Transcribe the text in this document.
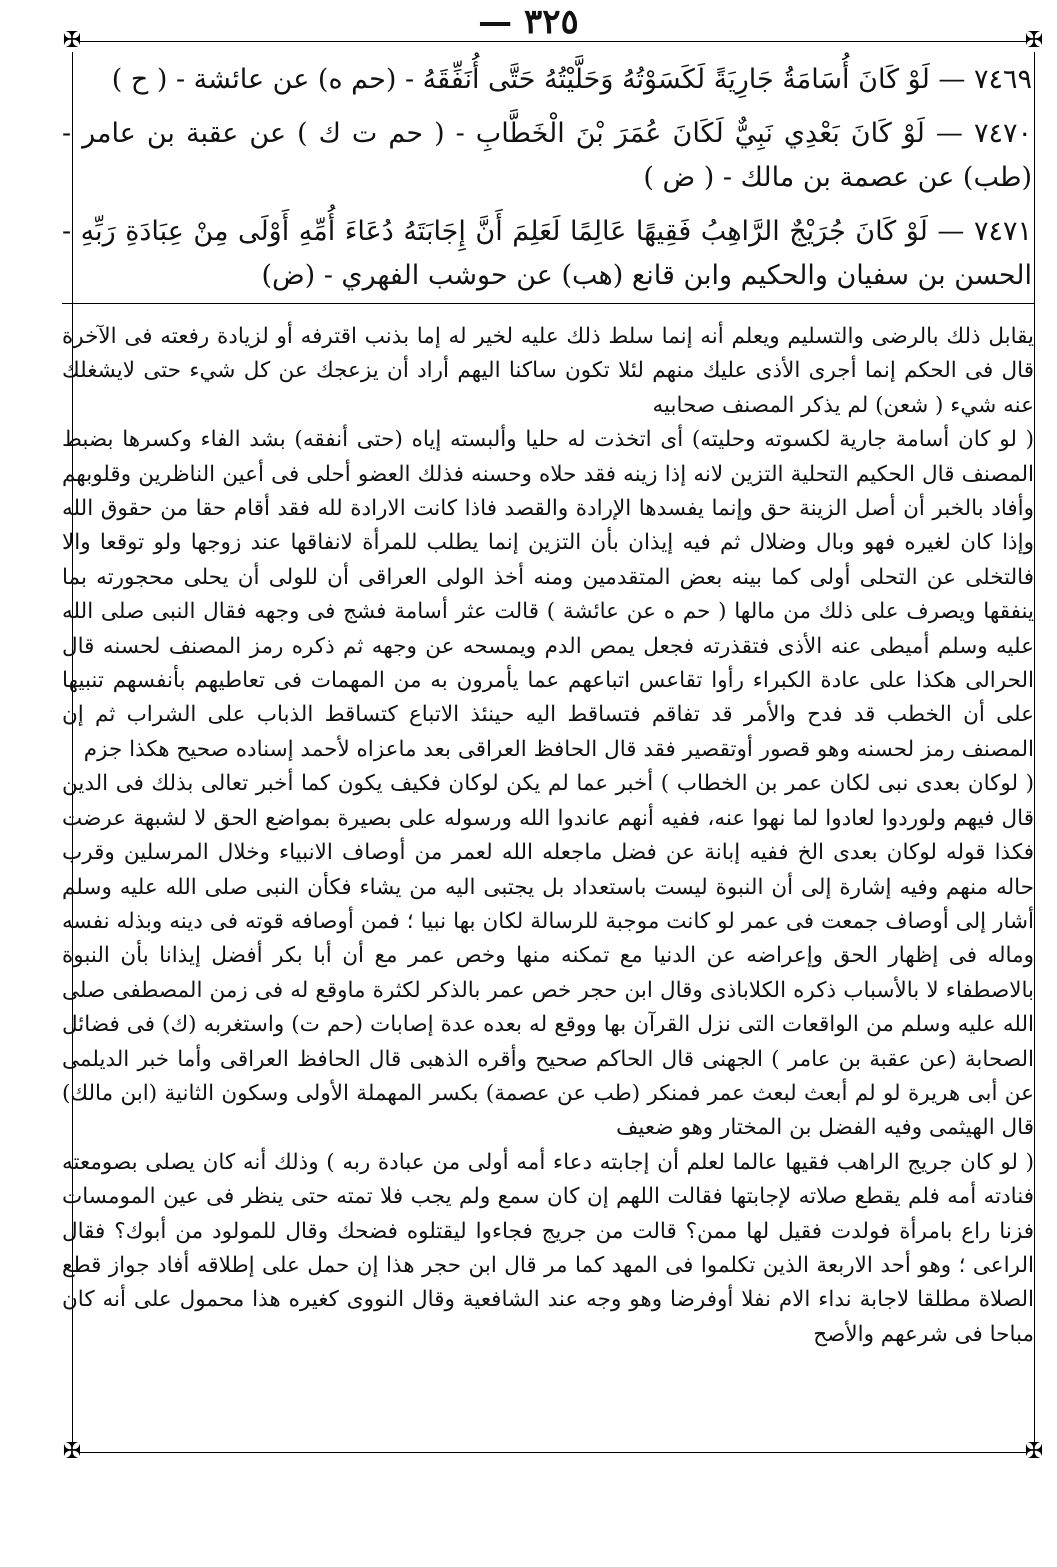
— ٣٢٥
✠	✠
✠	✠
٧٤٦٩ — لَوْ كَانَ أُسَامَةُ جَارِيَةً لَكَسَوْتُهُ وَحَلَّيْتُهُ حَتَّى أُنَفِّقَهُ - (حم ه) عن عائشة - ( ح )
٧٤٧٠ — لَوْ كَانَ بَعْدِي نَبِيٌّ لَكَانَ عُمَرَ بْنَ الْخَطَّابِ - ( حم ت ك ) عن عقبة بن عامر - (طب) عن عصمة بن مالك - ( ض )
٧٤٧١ — لَوْ كَانَ جُرَيْجٌ الرَّاهِبُ فَقِيهًا عَالِمًا لَعَلِمَ أَنَّ إِجَابَتَهُ دُعَاءَ أُمِّهِ أَوْلَى مِنْ عِبَادَةِ رَبِّهِ - الحسن بن سفيان والحكيم وابن قانع (هب) عن حوشب الفهري - (ض)

يقابل ذلك بالرضى والتسليم ويعلم أنه إنما سلط ذلك عليه لخير له إما بذنب اقترفه أو لزيادة رفعته فى الآخرة قال فى الحكم إنما أجرى الأذى عليك منهم لئلا تكون ساكنا اليهم أراد أن يزعجك عن كل شيء حتى لايشغلك عنه شيء ( شعن) لم يذكر المصنف صحابيه

( لو كان أسامة جارية لكسوته وحليته) أى اتخذت له حليا وألبسته إياه (حتى أنفقه) بشد الفاء وكسرها بضبط المصنف قال الحكيم التحلية التزين لانه إذا زينه فقد حلاه وحسنه فذلك العضو أحلى فى أعين الناظرين وقلوبهم وأفاد بالخبر أن أصل الزينة حق وإنما يفسدها الإرادة والقصد فاذا كانت الارادة لله فقد أقام حقا من حقوق الله وإذا كان لغيره فهو وبال وضلال ثم فيه إيذان بأن التزين إنما يطلب للمرأة لانفاقها عند زوجها ولو توقعا والا فالتخلى عن التحلى أولى كما بينه بعض المتقدمين ومنه أخذ الولى العراقى أن للولى أن يحلى محجورته بما ينفقها ويصرف على ذلك من مالها ( حم ه عن عائشة ) قالت عثر أسامة فشج فى وجهه فقال النبى صلى الله عليه وسلم أميطى عنه الأذى فتقذرته فجعل يمص الدم ويمسحه عن وجهه ثم ذكره رمز المصنف لحسنه قال الحرالى هكذا على عادة الكبراء رأوا تقاعس اتباعهم عما يأمرون به من المهمات فى تعاطيهم بأنفسهم تنبيها على أن الخطب قد فدح والأمر قد تفاقم فتساقط اليه حينئذ الاتباع كتساقط الذباب على الشراب ثم إن المصنف رمز لحسنه وهو قصور أوتقصير فقد قال الحافظ العراقى بعد ماعزاه لأحمد إسناده صحيح هكذا جزم

( لوكان بعدى نبى لكان عمر بن الخطاب ) أخبر عما لم يكن لوكان فكيف يكون كما أخبر تعالى بذلك فى الدين قال فيهم ولوردوا لعادوا لما نهوا عنه، ففيه أنهم عاندوا الله ورسوله على بصيرة بمواضع الحق لا لشبهة عرضت فكذا قوله لوكان بعدى الخ ففيه إبانة عن فضل ماجعله الله لعمر من أوصاف الانبياء وخلال المرسلين وقرب حاله منهم وفيه إشارة إلى أن النبوة ليست باستعداد بل يجتبى اليه من يشاء فكأن النبى صلى الله عليه وسلم أشار إلى أوصاف جمعت فى عمر لو كانت موجبة للرسالة لكان بها نبيا ؛ فمن أوصافه قوته فى دينه وبذله نفسه وماله فى إظهار الحق وإعراضه عن الدنيا مع تمكنه منها وخص عمر مع أن أبا بكر أفضل إيذانا بأن النبوة بالاصطفاء لا بالأسباب ذكره الكلاباذى وقال ابن حجر خص عمر بالذكر لكثرة ماوقع له فى زمن المصطفى صلى الله عليه وسلم من الواقعات التى نزل القرآن بها ووقع له بعده عدة إصابات (حم ت) واستغربه (ك) فى فضائل الصحابة (عن عقبة بن عامر ) الجهنى قال الحاكم صحيح وأقره الذهبى قال الحافظ العراقى وأما خبر الديلمى عن أبى هريرة لو لم أبعث لبعث عمر فمنكر (طب عن عصمة) بكسر المهملة الأولى وسكون الثانية (ابن مالك) قال الهيثمى وفيه الفضل بن المختار وهو ضعيف

( لو كان جريج الراهب فقيها عالما لعلم أن إجابته دعاء أمه أولى من عبادة ربه ) وذلك أنه كان يصلى بصومعته فنادته أمه فلم يقطع صلاته لإجابتها فقالت اللهم إن كان سمع ولم يجب فلا تمته حتى ينظر فى عين المومسات فزنا راع بامرأة فولدت فقيل لها ممن؟ قالت من جريج فجاءوا ليقتلوه فضحك وقال للمولود من أبوك؟ فقال الراعى ؛ وهو أحد الاربعة الذين تكلموا فى المهد كما مر قال ابن حجر هذا إن حمل على إطلاقه أفاد جواز قطع الصلاة مطلقا لاجابة نداء الام نفلا أوفرضا وهو وجه عند الشافعية وقال النووى كغيره هذا محمول على أنه كان مباحا فى شرعهم والأصح
